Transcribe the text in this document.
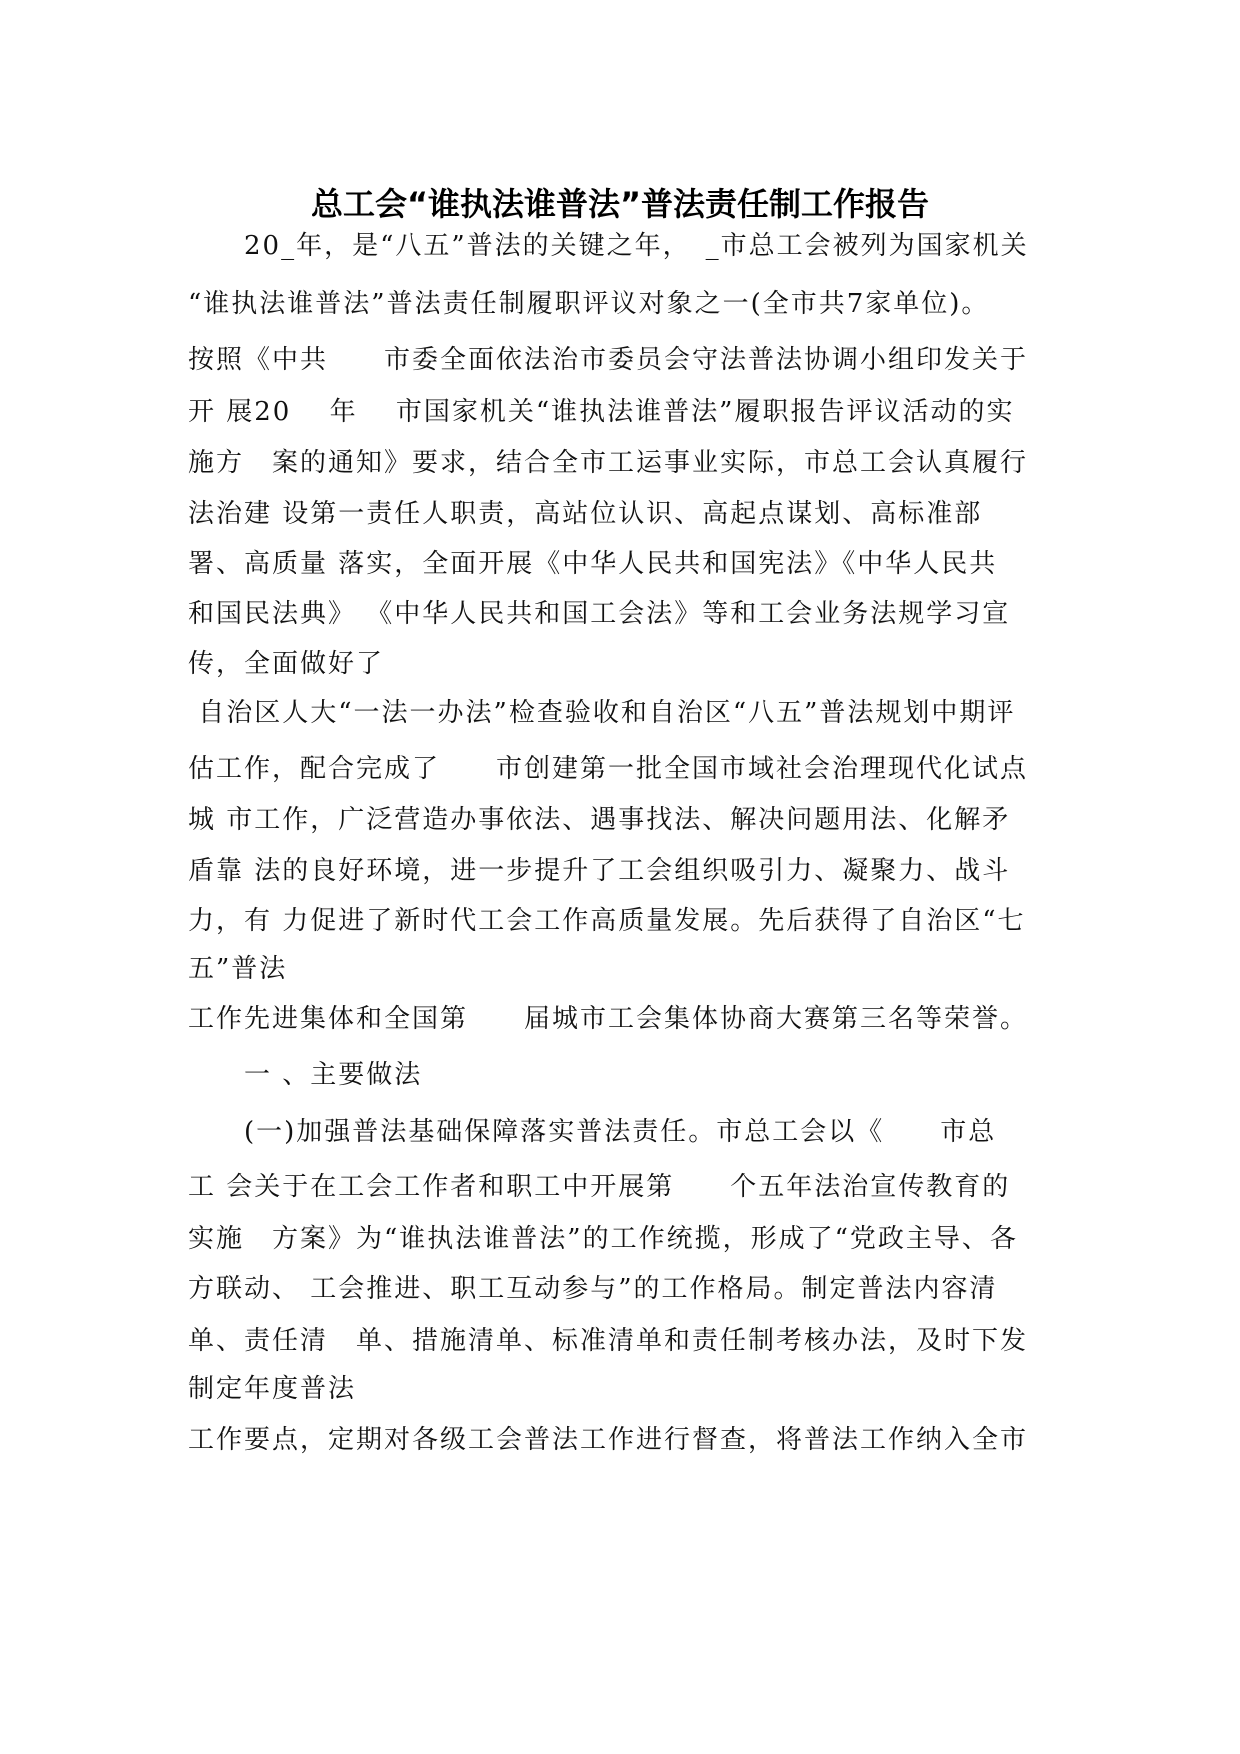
总工会“谁执法谁普法”普法责任制工作报告
　　20_年，是“八五”普法的关键之年，　_市总工会被列为国家机关
“谁执法谁普法”普法责任制履职评议对象之一(全市共7家单位)。
按照《中共　　市委全面依法治市委员会守法普法协调小组印发关于
开 展20　 年　 市国家机关“谁执法谁普法”履职报告评议活动的实
施方　案的通知》要求，结合全市工运事业实际，市总工会认真履行
法治建 设第一责任人职责，高站位认识、高起点谋划、高标准部
署、高质量 落实，全面开展《中华人民共和国宪法》《中华人民共
和国民法典》 《中华人民共和国工会法》等和工会业务法规学习宣
传，全面做好了
自治区人大“一法一办法”检查验收和自治区“八五”普法规划中期评
估工作，配合完成了　　市创建第一批全国市域社会治理现代化试点
城 市工作，广泛营造办事依法、遇事找法、解决问题用法、化解矛
盾靠 法的良好环境，进一步提升了工会组织吸引力、凝聚力、战斗
力，有 力促进了新时代工会工作高质量发展。先后获得了自治区“七
五”普法
工作先进集体和全国第　　届城市工会集体协商大赛第三名等荣誉。
　　一 、主要做法
　　(一)加强普法基础保障落实普法责任。市总工会以《　　市总
工 会关于在工会工作者和职工中开展第　　个五年法治宣传教育的
实施　方案》为“谁执法谁普法”的工作统揽，形成了“党政主导、各
方联动、 工会推进、职工互动参与”的工作格局。制定普法内容清
单、责任清　单、措施清单、标准清单和责任制考核办法，及时下发
制定年度普法
工作要点，定期对各级工会普法工作进行督查，将普法工作纳入全市
